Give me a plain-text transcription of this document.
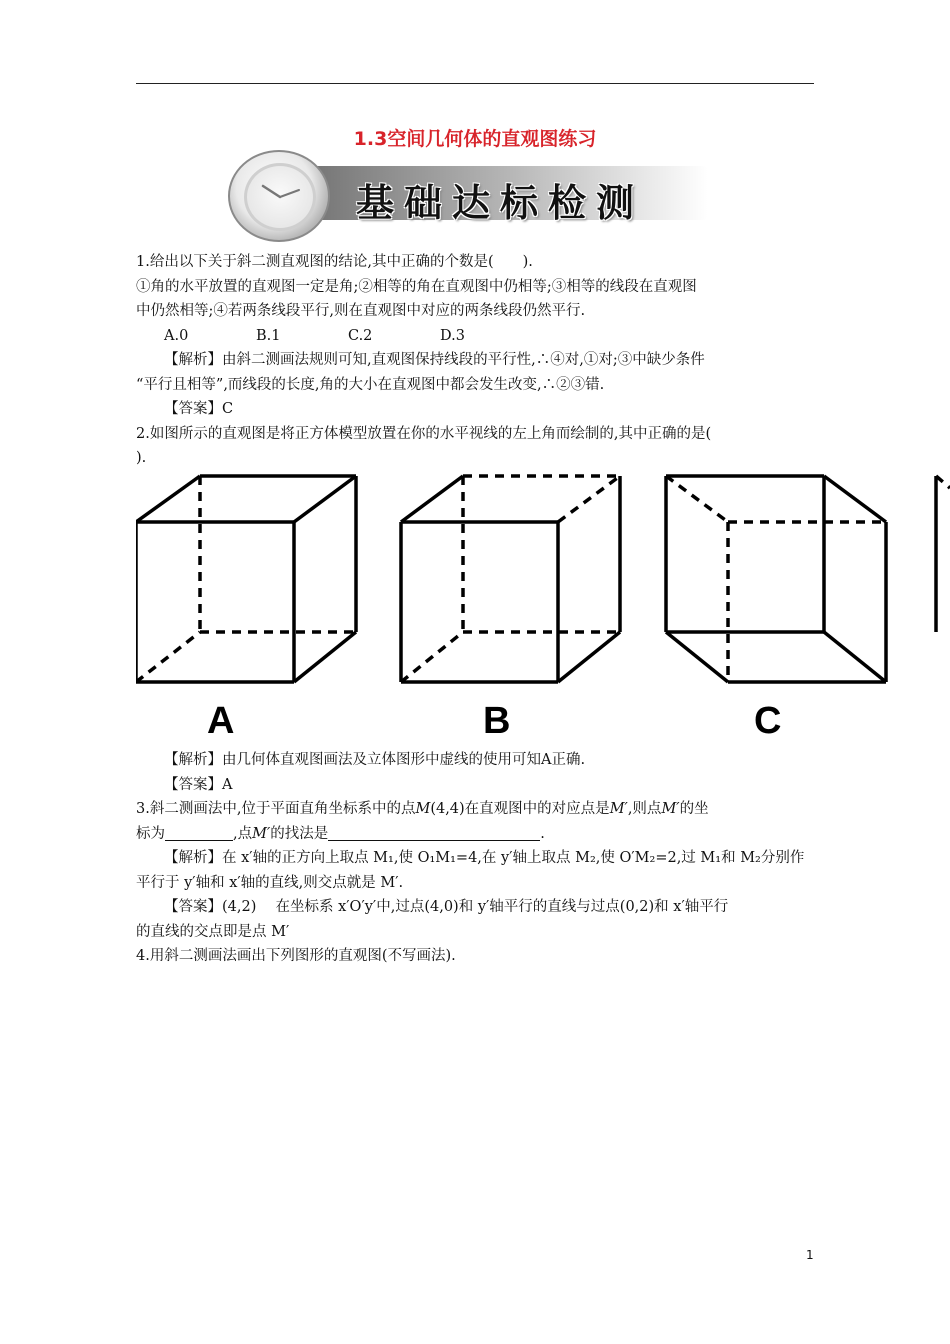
1.3空间几何体的直观图练习
基础达标检测
1.给出以下关于斜二测直观图的结论,其中正确的个数是(　　).
①角的水平放置的直观图一定是角;②相等的角在直观图中仍相等;③相等的线段在直观图
中仍然相等;④若两条线段平行,则在直观图中对应的两条线段仍然平行.
A.0	B.1	C.2	D.3
【解析】由斜二测画法规则可知,直观图保持线段的平行性,∴④对,①对;③中缺少条件
“平行且相等”,而线段的长度,角的大小在直观图中都会发生改变,∴②③错.
【答案】C
2.如图所示的直观图是将正方体模型放置在你的水平视线的左上角而绘制的,其中正确的是(
).
A	B	C
【解析】由几何体直观图画法及立体图形中虚线的使用可知A正确.
【答案】A
3.斜二测画法中,位于平面直角坐标系中的点M(4,4)在直观图中的对应点是M′,则点M′的坐
标为	,点M′的找法是	.
【解析】在 x′轴的正方向上取点 M₁,使 O₁M₁=4,在 y′轴上取点 M₂,使 O′M₂=2,过 M₁和 M₂分别作
平行于 y′轴和 x′轴的直线,则交点就是 M′.
【答案】(4,2)　 在坐标系 x′O′y′中,过点(4,0)和 y′轴平行的直线与过点(0,2)和 x′轴平行
的直线的交点即是点 M′
4.用斜二测画法画出下列图形的直观图(不写画法).
1
